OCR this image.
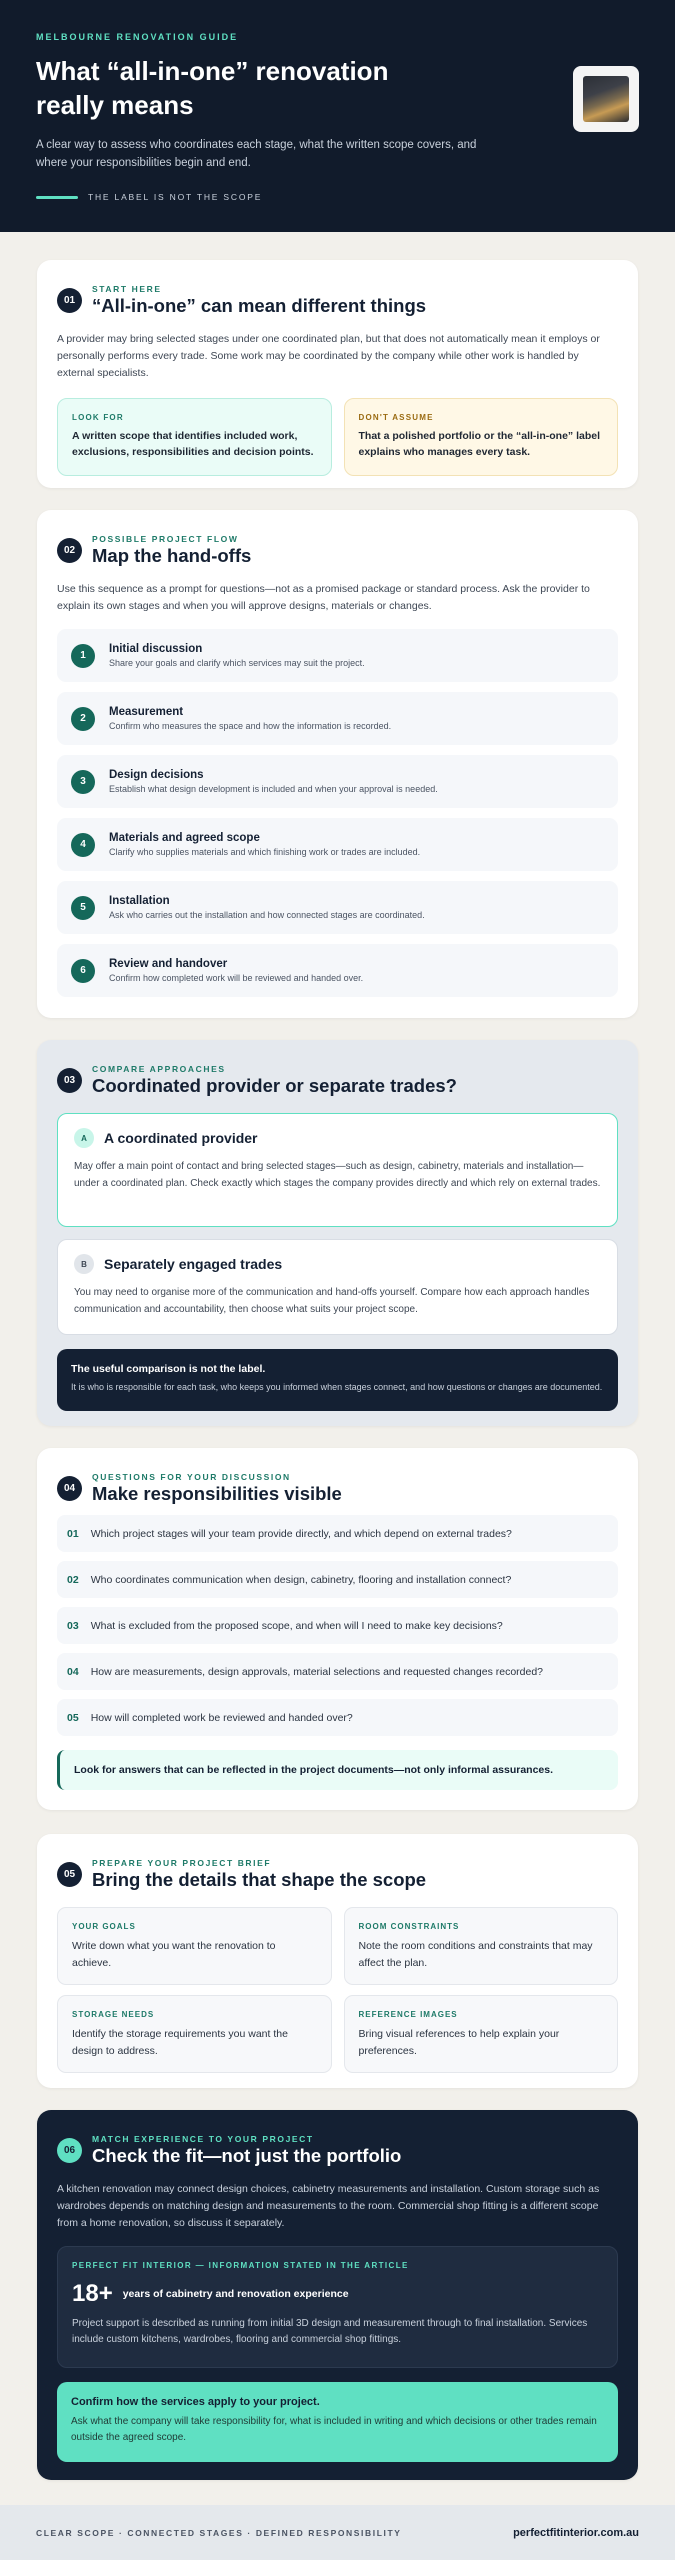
MELBOURNE RENOVATION GUIDE
What “all-in-one” renovation really means

A clear way to assess who coordinates each stage, what the written scope covers, and where your responsibilities begin and end.

THE LABEL IS NOT THE SCOPE
01
START HERE
“All-in-one” can mean different things

A provider may bring selected stages under one coordinated plan, but that does not automatically mean it employs or personally performs every trade. Some work may be coordinated by the company while other work is handled by external specialists.

LOOK FOR
A written scope that identifies included work, exclusions, responsibilities and decision points.
DON'T ASSUME
That a polished portfolio or the “all-in-one” label explains who manages every task.
02
POSSIBLE PROJECT FLOW
Map the hand-offs

Use this sequence as a prompt for questions—not as a promised package or standard process. Ask the provider to explain its own stages and when you will approve designs, materials or changes.

1
Initial discussion
Share your goals and clarify which services may suit the project.
2
Measurement
Confirm who measures the space and how the information is recorded.
3
Design decisions
Establish what design development is included and when your approval is needed.
4
Materials and agreed scope
Clarify who supplies materials and which finishing work or trades are included.
5
Installation
Ask who carries out the installation and how connected stages are coordinated.
6
Review and handover
Confirm how completed work will be reviewed and handed over.
03
COMPARE APPROACHES
Coordinated provider or separate trades?
A	A coordinated provider
May offer a main point of contact and bring selected stages—such as design, cabinetry, materials and installation—under a coordinated plan. Check exactly which stages the company provides directly and which rely on external trades.
B	Separately engaged trades
You may need to organise more of the communication and hand-offs yourself. Compare how each approach handles communication and accountability, then choose what suits your project scope.
The useful comparison is not the label.
It is who is responsible for each task, who keeps you informed when stages connect, and how questions or changes are documented.
04
QUESTIONS FOR YOUR DISCUSSION
Make responsibilities visible
01 Which project stages will your team provide directly, and which depend on external trades?
02 Who coordinates communication when design, cabinetry, flooring and installation connect?
03 What is excluded from the proposed scope, and when will I need to make key decisions?
04 How are measurements, design approvals, material selections and requested changes recorded?
05 How will completed work be reviewed and handed over?
Look for answers that can be reflected in the project documents—not only informal assurances.
05
PREPARE YOUR PROJECT BRIEF
Bring the details that shape the scope
YOUR GOALS
Write down what you want the renovation to achieve.
ROOM CONSTRAINTS
Note the room conditions and constraints that may affect the plan.
STORAGE NEEDS
Identify the storage requirements you want the design to address.
REFERENCE IMAGES
Bring visual references to help explain your preferences.
06
MATCH EXPERIENCE TO YOUR PROJECT
Check the fit—not just the portfolio

A kitchen renovation may connect design choices, cabinetry measurements and installation. Custom storage such as wardrobes depends on matching design and measurements to the room. Commercial shop fitting is a different scope from a home renovation, so discuss it separately.

PERFECT FIT INTERIOR — INFORMATION STATED IN THE ARTICLE
18+ years of cabinetry and renovation experience
Project support is described as running from initial 3D design and measurement through to final installation. Services include custom kitchens, wardrobes, flooring and commercial shop fittings.
Confirm how the services apply to your project.
Ask what the company will take responsibility for, what is included in writing and which decisions or other trades remain outside the agreed scope.
CLEAR SCOPE · CONNECTED STAGES · DEFINED RESPONSIBILITY	perfectfitinterior.com.au
